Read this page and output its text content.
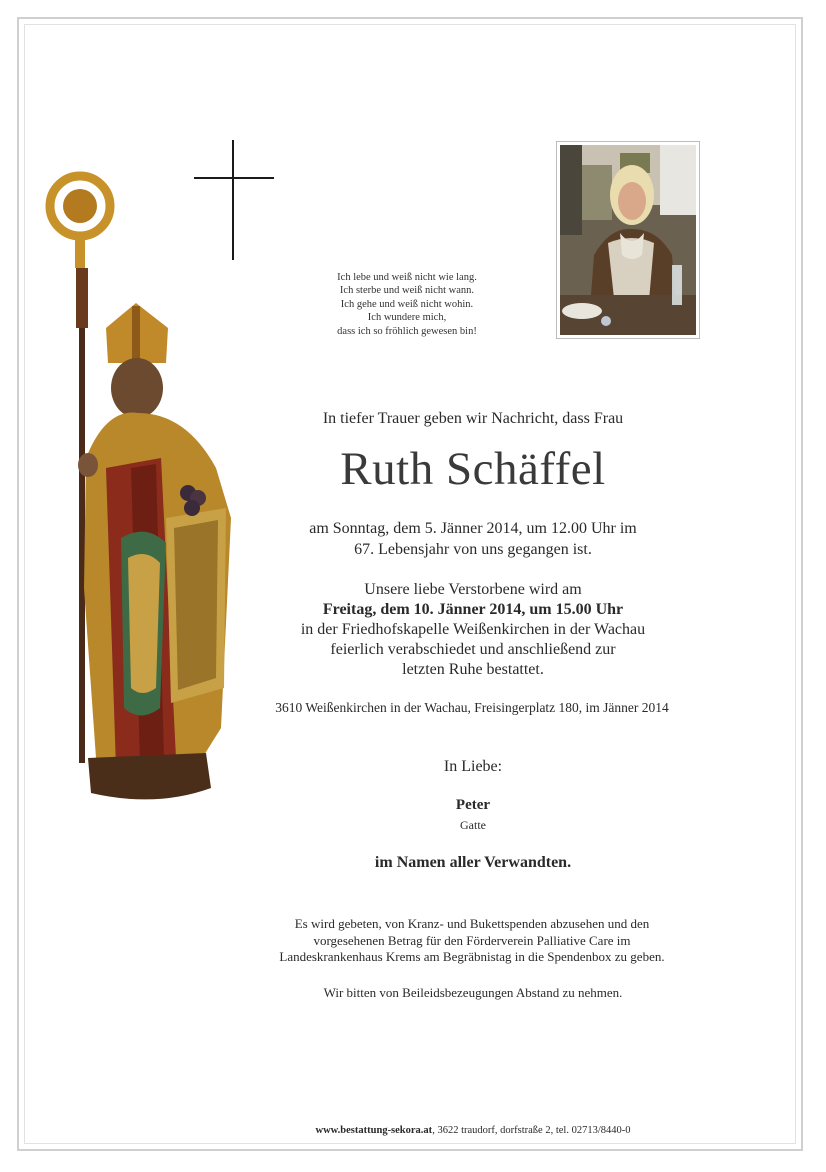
Ich lebe und weiß nicht wie lang.
Ich sterbe und weiß nicht wann.
Ich gehe und weiß nicht wohin.
Ich wundere mich,
dass ich so fröhlich gewesen bin!
In tiefer Trauer geben wir Nachricht, dass Frau
Ruth Schäffel
am Sonntag, dem 5. Jänner 2014, um 12.00 Uhr im
67. Lebensjahr von uns gegangen ist.
Unsere liebe Verstorbene wird am
Freitag, dem 10. Jänner 2014, um 15.00 Uhr
in der Friedhofskapelle Weißenkirchen in der Wachau
feierlich verabschiedet und anschließend zur
letzten Ruhe bestattet.
3610 Weißenkirchen in der Wachau, Freisingerplatz 180, im Jänner 2014
In Liebe:
Peter
Gatte
im Namen aller Verwandten.
Es wird gebeten, von Kranz- und Bukettspenden abzusehen und den
vorgesehenen Betrag für den Förderverein Palliative Care im
Landeskrankenhaus Krems am Begräbnistag in die Spendenbox zu geben.
Wir bitten von Beileidsbezeugungen Abstand zu nehmen.
www.bestattung-sekora.at, 3622 traudorf, dorfstraße 2, tel. 02713/8440-0
